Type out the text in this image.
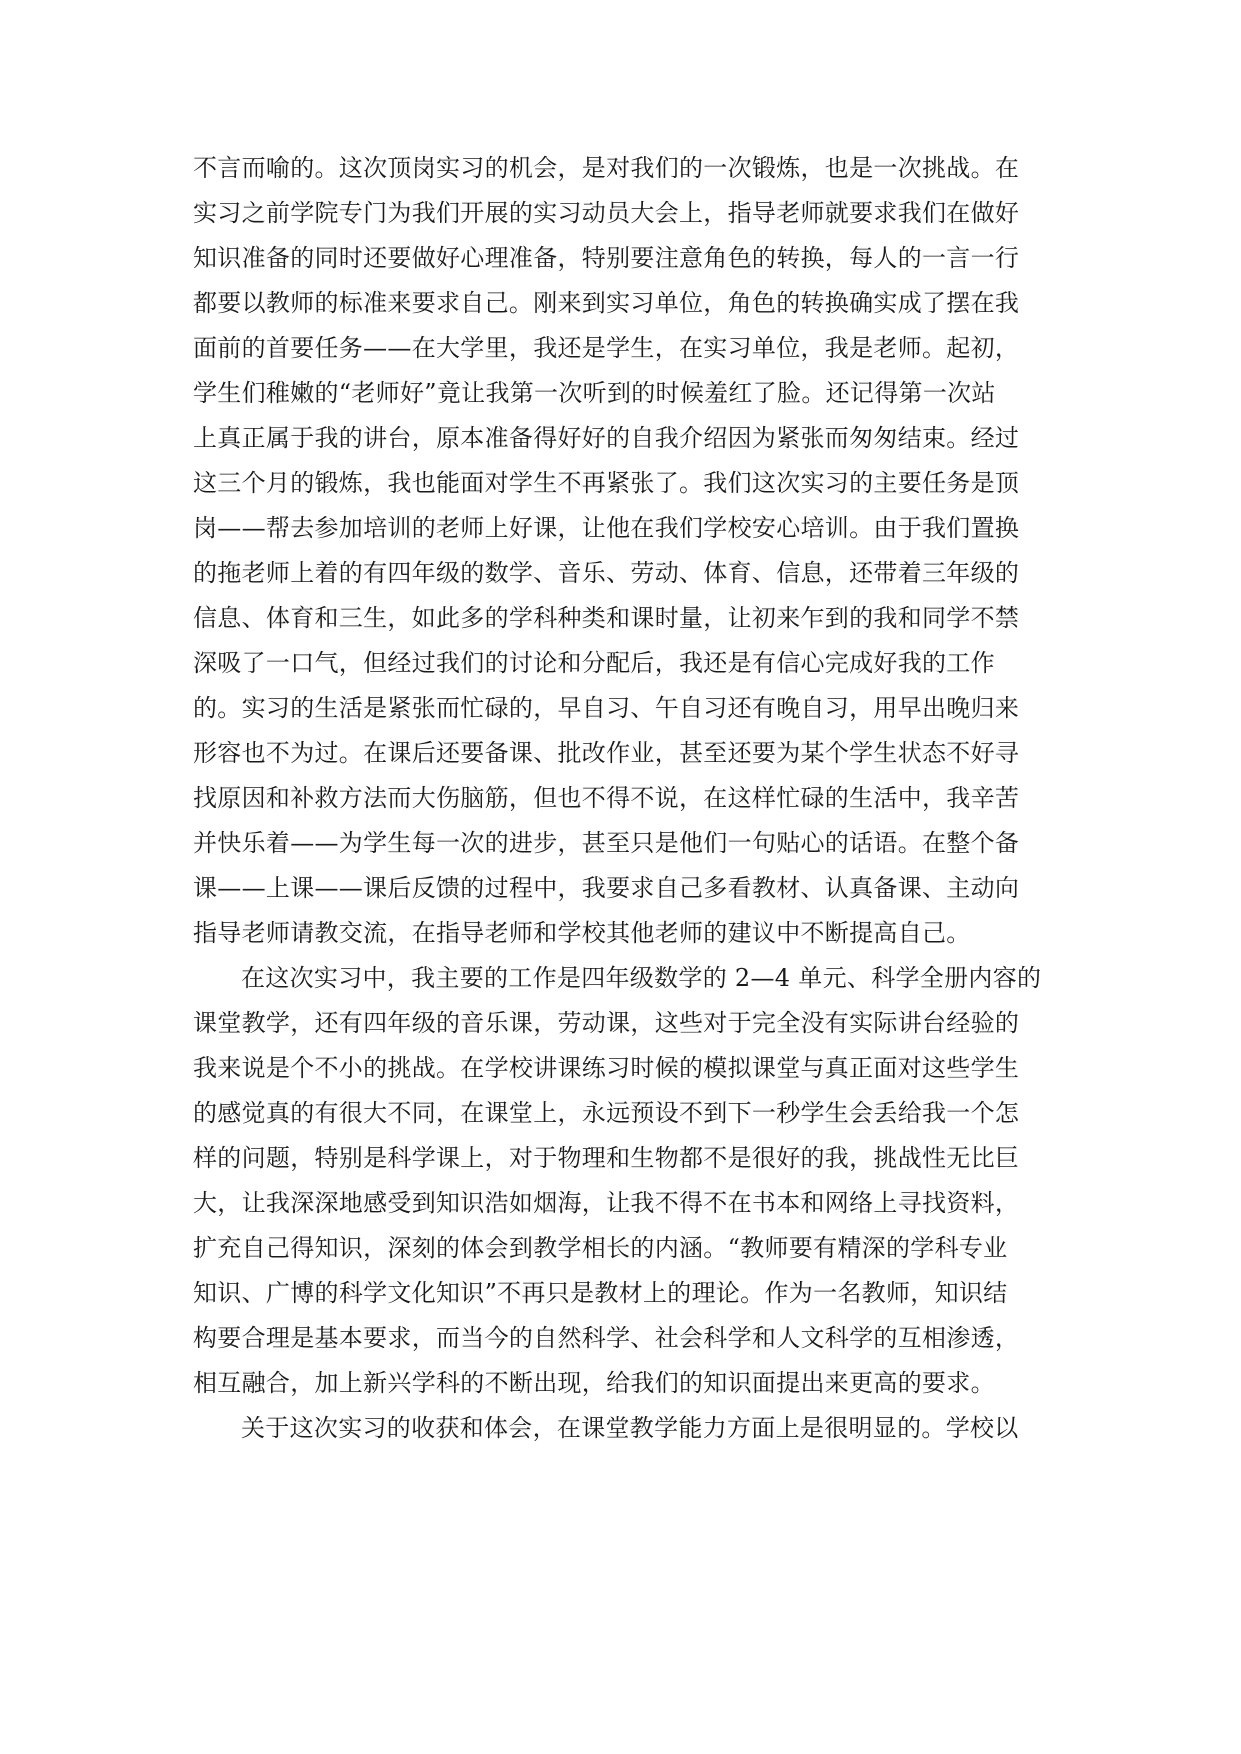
不言而喻的。这次顶岗实习的机会，是对我们的一次锻炼，也是一次挑战。在
实习之前学院专门为我们开展的实习动员大会上，指导老师就要求我们在做好
知识准备的同时还要做好心理准备，特别要注意角色的转换，每人的一言一行
都要以教师的标准来要求自己。刚来到实习单位，角色的转换确实成了摆在我
面前的首要任务——在大学里，我还是学生，在实习单位，我是老师。起初，
学生们稚嫩的“老师好”竟让我第一次听到的时候羞红了脸。还记得第一次站
上真正属于我的讲台，原本准备得好好的自我介绍因为紧张而匆匆结束。经过
这三个月的锻炼，我也能面对学生不再紧张了。我们这次实习的主要任务是顶
岗——帮去参加培训的老师上好课，让他在我们学校安心培训。由于我们置换
的拖老师上着的有四年级的数学、音乐、劳动、体育、信息，还带着三年级的
信息、体育和三生，如此多的学科种类和课时量，让初来乍到的我和同学不禁
深吸了一口气，但经过我们的讨论和分配后，我还是有信心完成好我的工作
的。实习的生活是紧张而忙碌的，早自习、午自习还有晚自习，用早出晚归来
形容也不为过。在课后还要备课、批改作业，甚至还要为某个学生状态不好寻
找原因和补救方法而大伤脑筋，但也不得不说，在这样忙碌的生活中，我辛苦
并快乐着——为学生每一次的进步，甚至只是他们一句贴心的话语。在整个备
课——上课——课后反馈的过程中，我要求自己多看教材、认真备课、主动向
指导老师请教交流，在指导老师和学校其他老师的建议中不断提高自己。
在这次实习中，我主要的工作是四年级数学的 2—4 单元、科学全册内容的
课堂教学，还有四年级的音乐课，劳动课，这些对于完全没有实际讲台经验的
我来说是个不小的挑战。在学校讲课练习时候的模拟课堂与真正面对这些学生
的感觉真的有很大不同，在课堂上，永远预设不到下一秒学生会丢给我一个怎
样的问题，特别是科学课上，对于物理和生物都不是很好的我，挑战性无比巨
大，让我深深地感受到知识浩如烟海，让我不得不在书本和网络上寻找资料，
扩充自己得知识，深刻的体会到教学相长的内涵。“教师要有精深的学科专业
知识、广博的科学文化知识”不再只是教材上的理论。作为一名教师，知识结
构要合理是基本要求，而当今的自然科学、社会科学和人文科学的互相渗透，
相互融合，加上新兴学科的不断出现，给我们的知识面提出来更高的要求。
关于这次实习的收获和体会，在课堂教学能力方面上是很明显的。学校以
